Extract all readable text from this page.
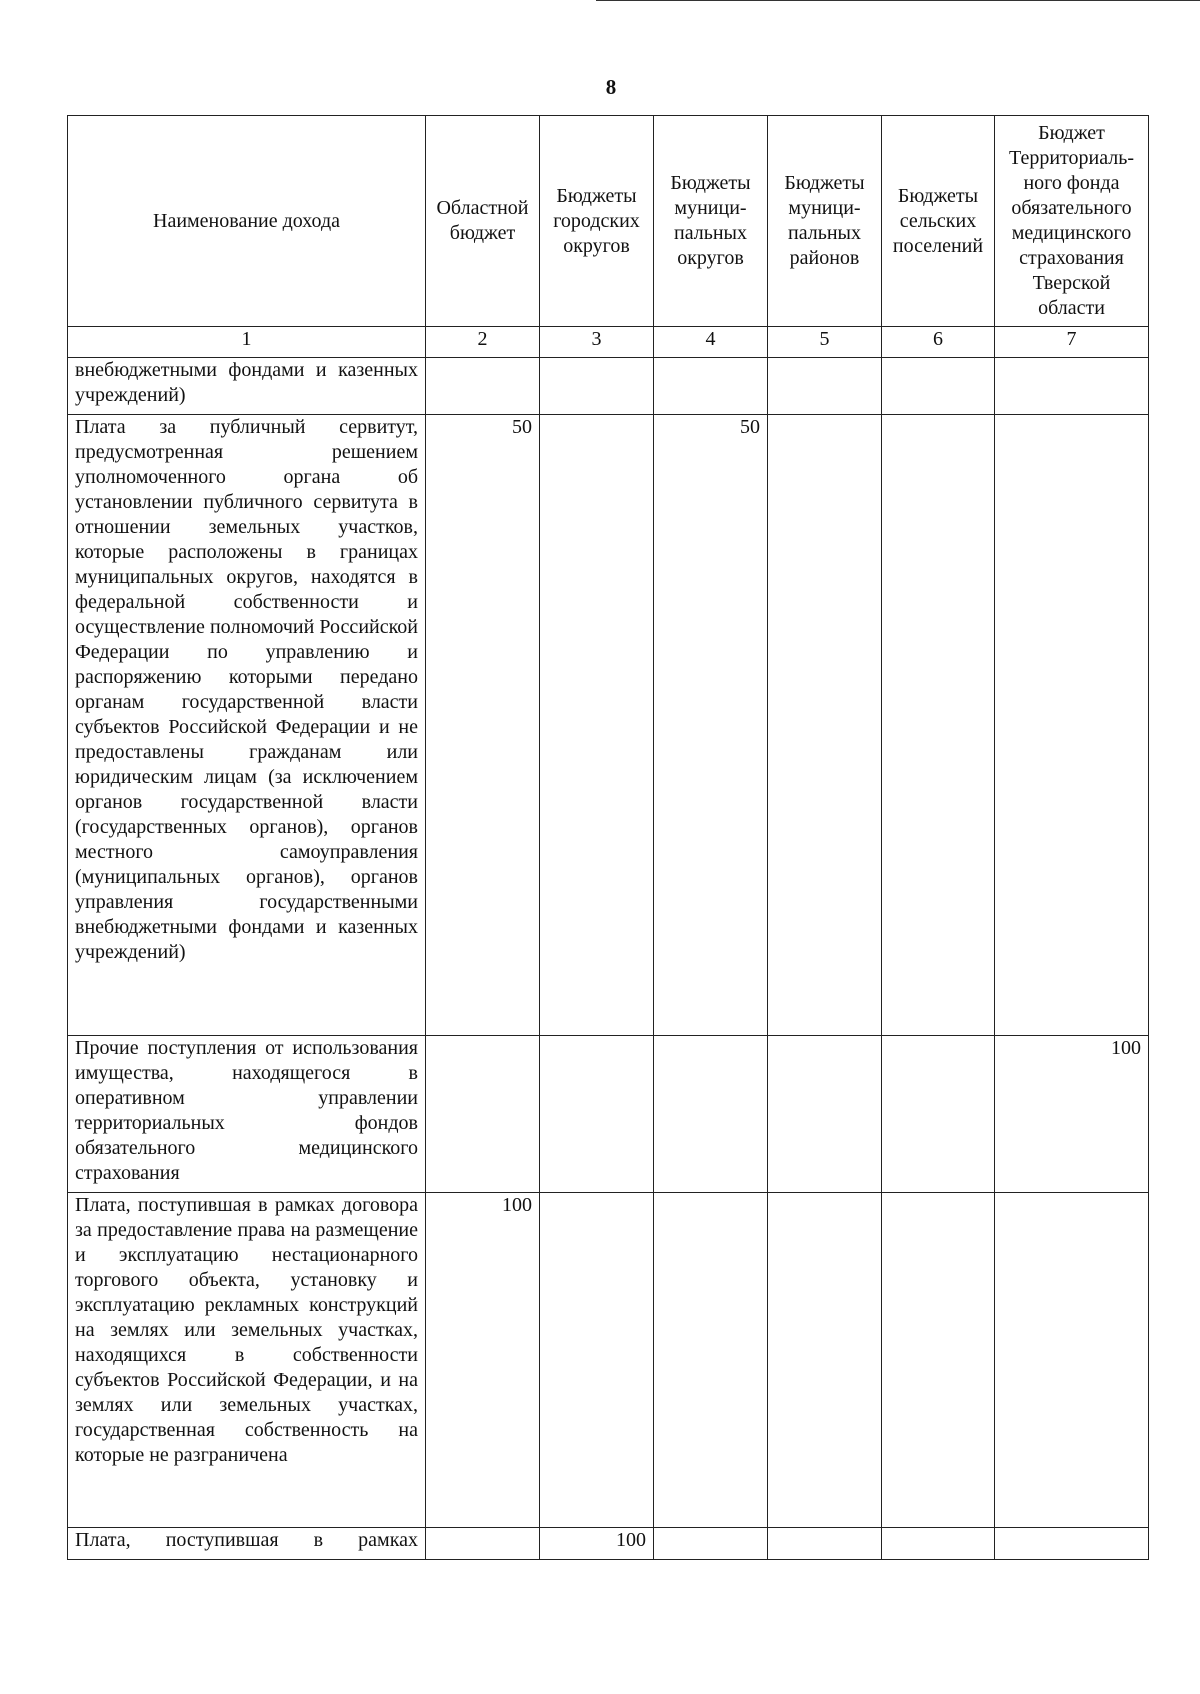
8
Наименование дохода	Областной бюджет	Бюджеты городских округов	Бюджеты муници-пальных округов	Бюджеты муници-пальных районов	Бюджеты сельских поселений	Бюджет Территориаль-ного фонда обязательного медицинского страхования Тверской области
1	2	3	4	5	6	7
внебюджетными фондами и казенных учреждений)						
Плата за публичный сервитут, предусмотренная решением уполномоченного органа об установлении публичного сервитута в отношении земельных участков, которые расположены в границах муниципальных округов, находятся в федеральной собственности и осуществление полномочий Российской Федерации по управлению и распоряжению которыми передано органам государственной власти субъектов Российской Федерации и не предоставлены гражданам или юридическим лицам (за исключением органов государственной власти (государственных органов), органов местного самоуправления (муниципальных органов), органов управления государственными внебюджетными фондами и казенных учреждений)	50		50			
Прочие поступления от использования имущества, находящегося в оперативном управлении территориальных фондов обязательного медицинского страхования						100
Плата, поступившая в рамках договора за предоставление права на размещение и эксплуатацию нестационарного торгового объекта, установку и эксплуатацию рекламных конструкций на землях или земельных участках, находящихся в собственности субъектов Российской Федерации, и на землях или земельных участках, государственная собственность на которые не разграничена	100					
Плата, поступившая в рамках		100				
